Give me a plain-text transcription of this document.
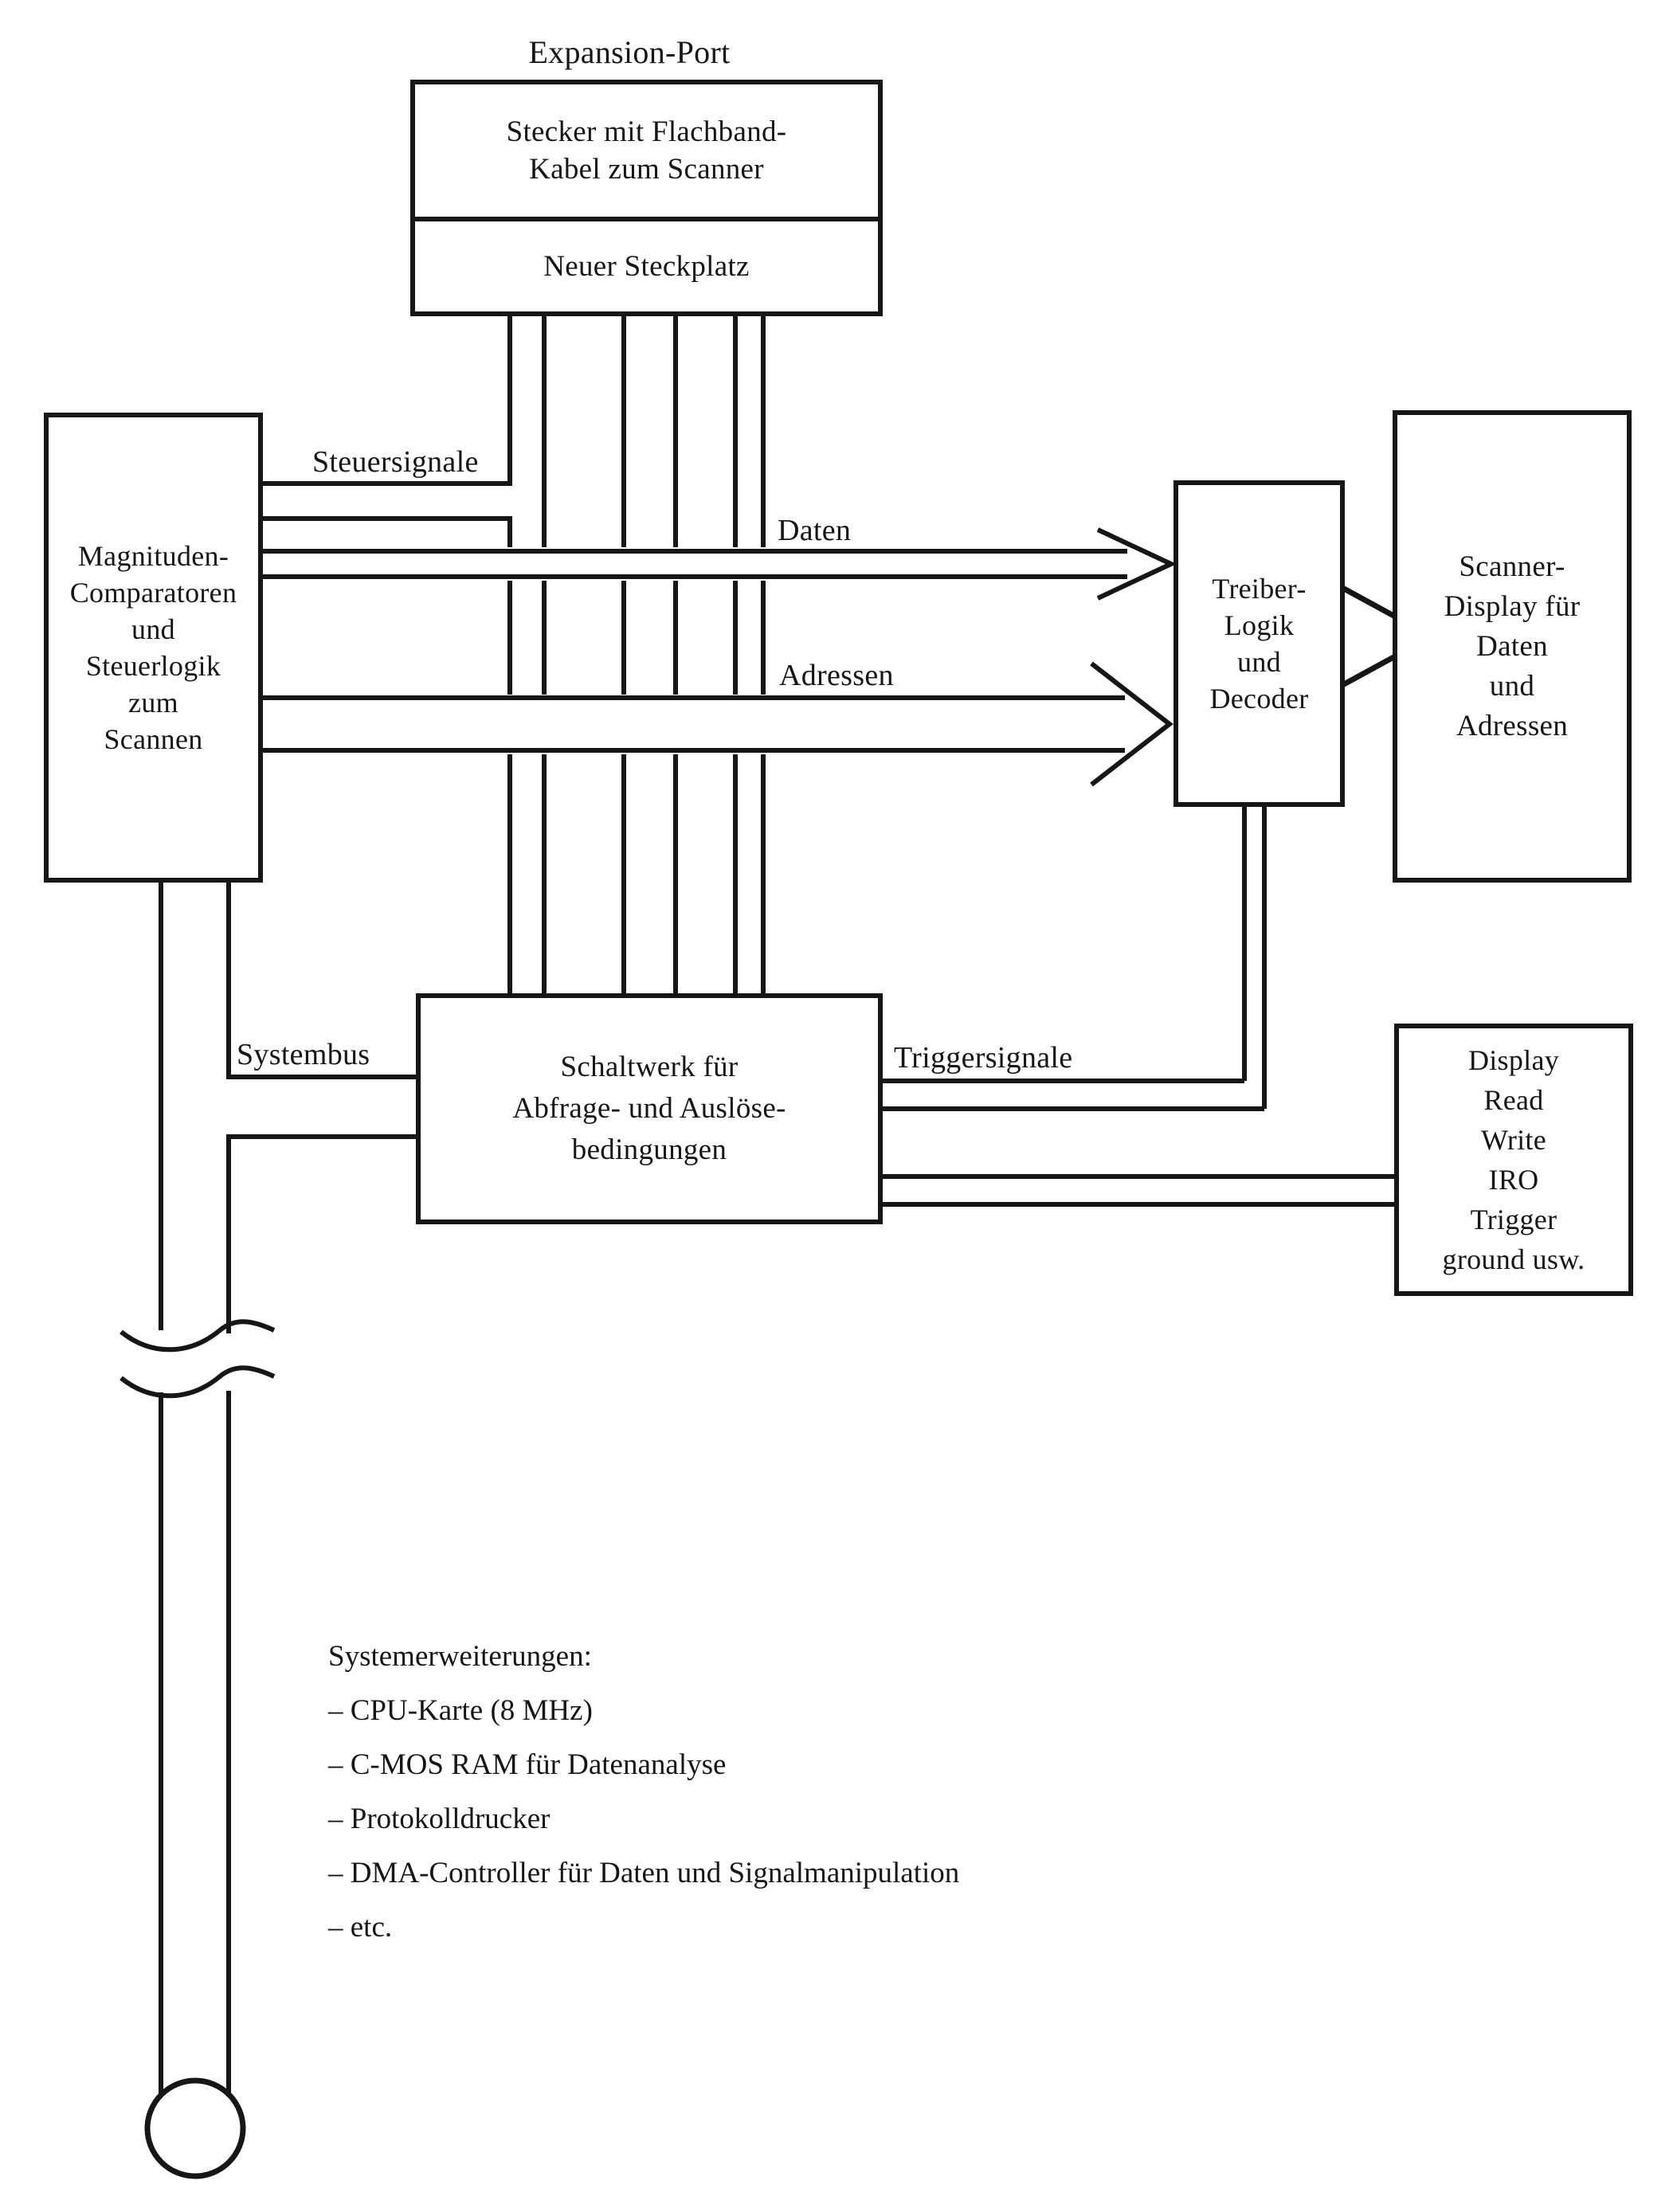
Expansion-Port
Steuersignale
Daten
Adressen
Systembus	Triggersignale
Stecker mit Flachband-
Kabel zum Scanner
Neuer Steckplatz
Magnituden-
Comparatoren
und
Steuerlogik
zum
Scannen
Treiber-
Logik
und
Decoder
Scanner-
Display für
Daten
und
Adressen
Schaltwerk für
Abfrage- und Auslöse-
bedingungen
Display
Read
Write
IRO
Trigger
ground usw.
Systemerweiterungen:
– CPU-Karte (8 MHz)
– C-MOS RAM für Datenanalyse
– Protokolldrucker
– DMA-Controller für Daten und Signalmanipulation
– etc.
